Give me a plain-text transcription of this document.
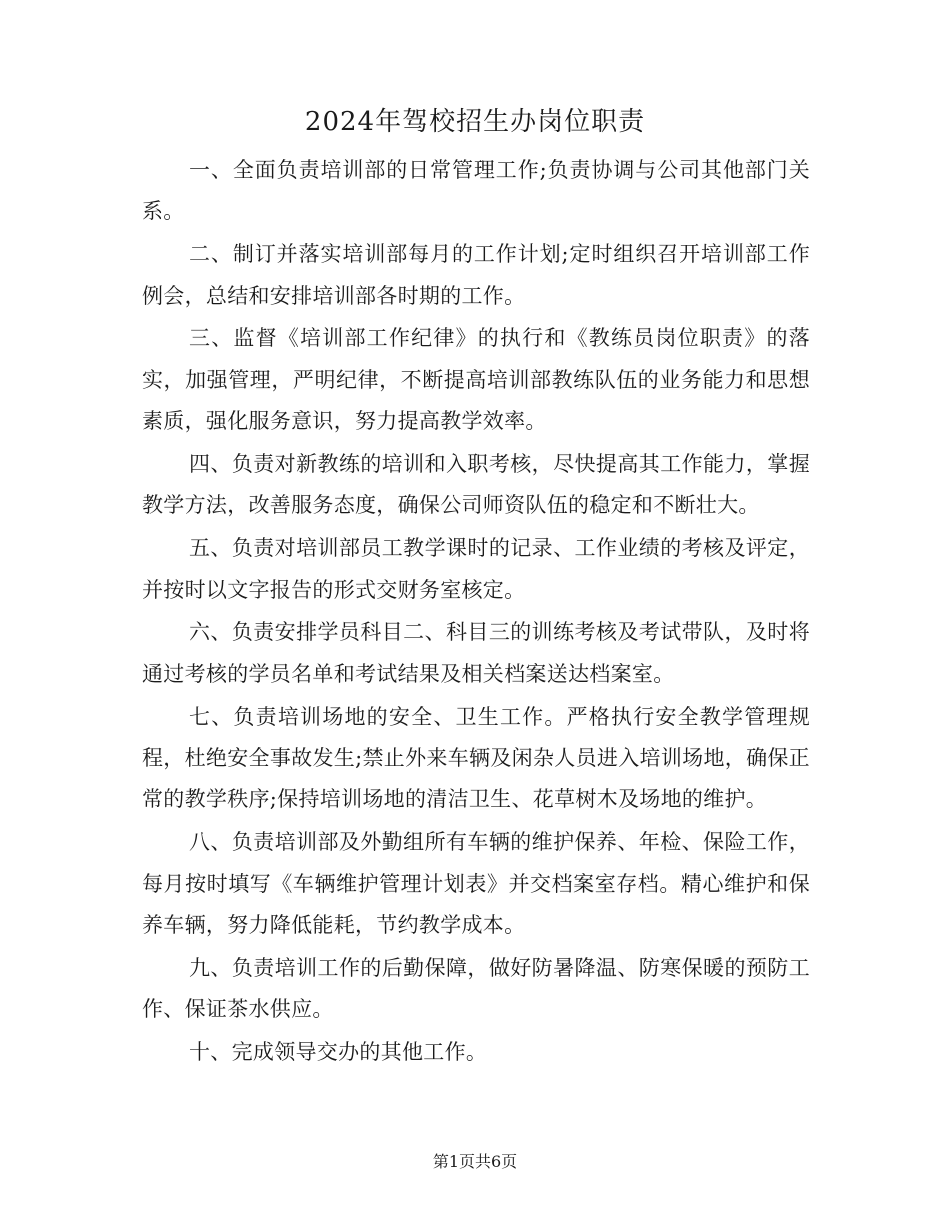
2024年驾校招生办岗位职责

一、全面负责培训部的日常管理工作;负责协调与公司其他部门关系。

二、制订并落实培训部每月的工作计划;定时组织召开培训部工作例会，总结和安排培训部各时期的工作。

三、监督《培训部工作纪律》的执行和《教练员岗位职责》的落实，加强管理，严明纪律，不断提高培训部教练队伍的业务能力和思想素质，强化服务意识，努力提高教学效率。

四、负责对新教练的培训和入职考核，尽快提高其工作能力，掌握教学方法，改善服务态度，确保公司师资队伍的稳定和不断壮大。

五、负责对培训部员工教学课时的记录、工作业绩的考核及评定，并按时以文字报告的形式交财务室核定。

六、负责安排学员科目二、科目三的训练考核及考试带队，及时将通过考核的学员名单和考试结果及相关档案送达档案室。

七、负责培训场地的安全、卫生工作。严格执行安全教学管理规程，杜绝安全事故发生;禁止外来车辆及闲杂人员进入培训场地，确保正常的教学秩序;保持培训场地的清洁卫生、花草树木及场地的维护。

八、负责培训部及外勤组所有车辆的维护保养、年检、保险工作，每月按时填写《车辆维护管理计划表》并交档案室存档。精心维护和保养车辆，努力降低能耗，节约教学成本。

九、负责培训工作的后勤保障，做好防暑降温、防寒保暖的预防工作、保证茶水供应。

十、完成领导交办的其他工作。

第1页共6页
